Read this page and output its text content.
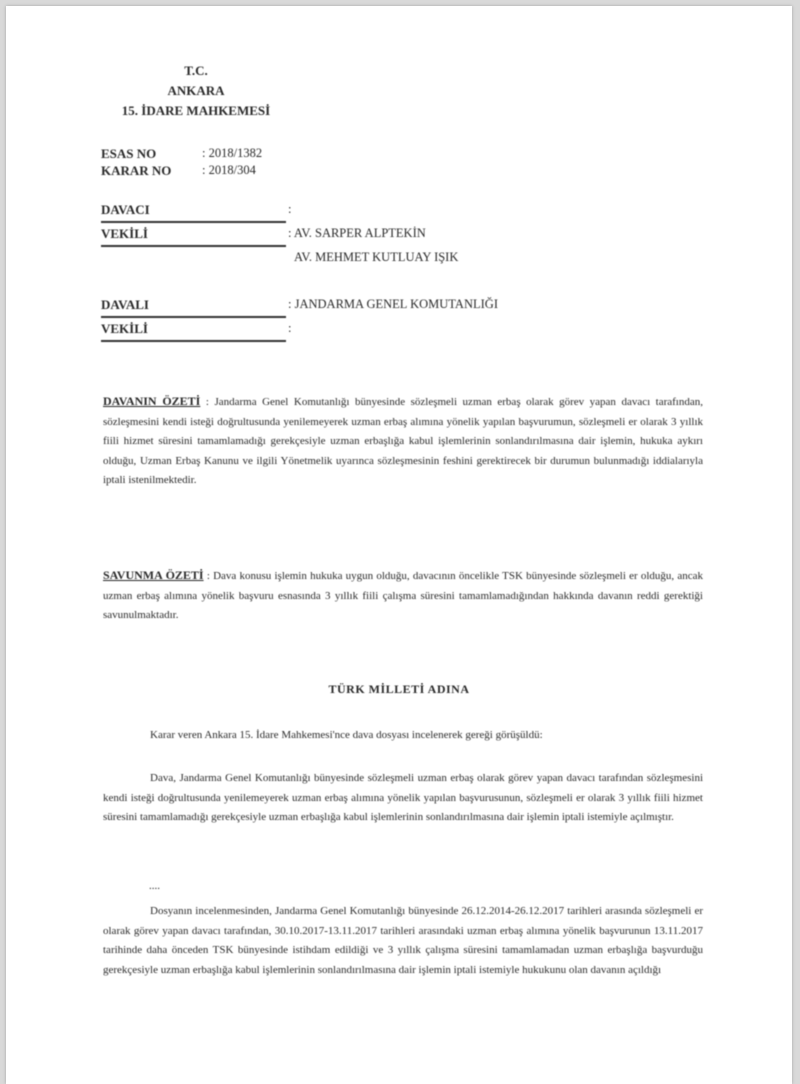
T.C.
ANKARA
15. İDARE MAHKEMESİ
ESAS NO	: 2018/1382
KARAR NO : 2018/304
DAVACI	:
VEKİLİ	: AV. SARPER ALPTEKİN
AV. MEHMET KUTLUAY IŞIK
DAVALI	: JANDARMA GENEL KOMUTANLIĞI
VEKİLİ	:
DAVANIN ÖZETİ : Jandarma Genel Komutanlığı bünyesinde sözleşmeli uzman erbaş olarak görev yapan davacı tarafından, sözleşmesini kendi isteği doğrultusunda yenilemeyerek uzman erbaş alımına yönelik yapılan başvurumun, sözleşmeli er olarak 3 yıllık fiili hizmet süresini tamamlamadığı gerekçesiyle uzman erbaşlığa kabul işlemlerinin sonlandırılmasına dair işlemin, hukuka aykırı olduğu, Uzman Erbaş Kanunu ve ilgili Yönetmelik uyarınca sözleşmesinin feshini gerektirecek bir durumun bulunmadığı iddialarıyla iptali istenilmektedir.
SAVUNMA ÖZETİ : Dava konusu işlemin hukuka uygun olduğu, davacının öncelikle TSK bünyesinde sözleşmeli er olduğu, ancak uzman erbaş alımına yönelik başvuru esnasında 3 yıllık fiili çalışma süresini tamamlamadığından hakkında davanın reddi gerektiği savunulmaktadır.
TÜRK MİLLETİ ADINA
Karar veren Ankara 15. İdare Mahkemesi'nce dava dosyası incelenerek gereği görüşüldü:
Dava, Jandarma Genel Komutanlığı bünyesinde sözleşmeli uzman erbaş olarak görev yapan davacı tarafından sözleşmesini kendi isteği doğrultusunda yenilemeyerek uzman erbaş alımına yönelik yapılan başvurusunun, sözleşmeli er olarak 3 yıllık fiili hizmet süresini tamamlamadığı gerekçesiyle uzman erbaşlığa kabul işlemlerinin sonlandırılmasına dair işlemin iptali istemiyle açılmıştır.
....
Dosyanın incelenmesinden, Jandarma Genel Komutanlığı bünyesinde 26.12.2014-26.12.2017 tarihleri arasında sözleşmeli er olarak görev yapan davacı tarafından, 30.10.2017-13.11.2017 tarihleri arasındaki uzman erbaş alımına yönelik başvurunun 13.11.2017 tarihinde daha önceden TSK bünyesinde istihdam edildiği ve 3 yıllık çalışma süresini tamamlamadan uzman erbaşlığa başvurduğu gerekçesiyle uzman erbaşlığa kabul işlemlerinin sonlandırılmasına dair işlemin iptali istemiyle hukukunu olan davanın açıldığı
